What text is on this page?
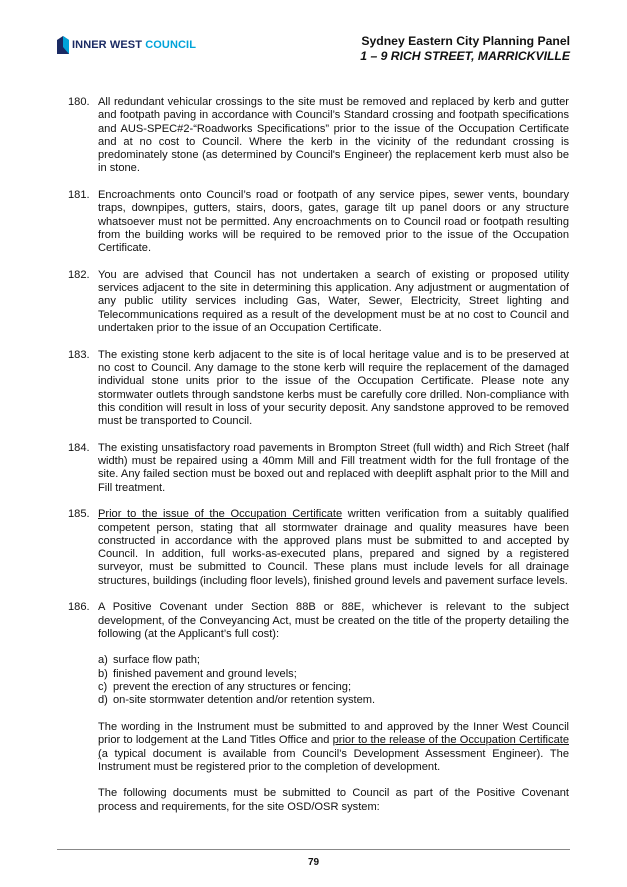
INNER WEST COUNCIL	Sydney Eastern City Planning Panel
1 – 9 RICH STREET, MARRICKVILLE
180. All redundant vehicular crossings to the site must be removed and replaced by kerb and gutter and footpath paving in accordance with Council’s Standard crossing and footpath specifications and AUS-SPEC#2-“Roadworks Specifications” prior to the issue of the Occupation Certificate and at no cost to Council. Where the kerb in the vicinity of the redundant crossing is predominately stone (as determined by Council's Engineer) the replacement kerb must also be in stone.
181. Encroachments onto Council’s road or footpath of any service pipes, sewer vents, boundary traps, downpipes, gutters, stairs, doors, gates, garage tilt up panel doors or any structure whatsoever must not be permitted. Any encroachments on to Council road or footpath resulting from the building works will be required to be removed prior to the issue of the Occupation Certificate.
182. You are advised that Council has not undertaken a search of existing or proposed utility services adjacent to the site in determining this application. Any adjustment or augmentation of any public utility services including Gas, Water, Sewer, Electricity, Street lighting and Telecommunications required as a result of the development must be at no cost to Council and undertaken prior to the issue of an Occupation Certificate.
183. The existing stone kerb adjacent to the site is of local heritage value and is to be preserved at no cost to Council. Any damage to the stone kerb will require the replacement of the damaged individual stone units prior to the issue of the Occupation Certificate. Please note any stormwater outlets through sandstone kerbs must be carefully core drilled. Non-compliance with this condition will result in loss of your security deposit. Any sandstone approved to be removed must be transported to Council.
184. The existing unsatisfactory road pavements in Brompton Street (full width) and Rich Street (half width) must be repaired using a 40mm Mill and Fill treatment width for the full frontage of the site. Any failed section must be boxed out and replaced with deeplift asphalt prior to the Mill and Fill treatment.
185. Prior to the issue of the Occupation Certificate written verification from a suitably qualified competent person, stating that all stormwater drainage and quality measures have been constructed in accordance with the approved plans must be submitted to and accepted by Council. In addition, full works-as-executed plans, prepared and signed by a registered surveyor, must be submitted to Council. These plans must include levels for all drainage structures, buildings (including floor levels), finished ground levels and pavement surface levels.
186. A Positive Covenant under Section 88B or 88E, whichever is relevant to the subject development, of the Conveyancing Act, must be created on the title of the property detailing the following (at the Applicant’s full cost):
a) surface flow path;
b) finished pavement and ground levels;
c) prevent the erection of any structures or fencing;
d) on-site stormwater detention and/or retention system.
The wording in the Instrument must be submitted to and approved by the Inner West Council prior to lodgement at the Land Titles Office and prior to the release of the Occupation Certificate (a typical document is available from Council’s Development Assessment Engineer). The Instrument must be registered prior to the completion of development.
The following documents must be submitted to Council as part of the Positive Covenant process and requirements, for the site OSD/OSR system:
79
